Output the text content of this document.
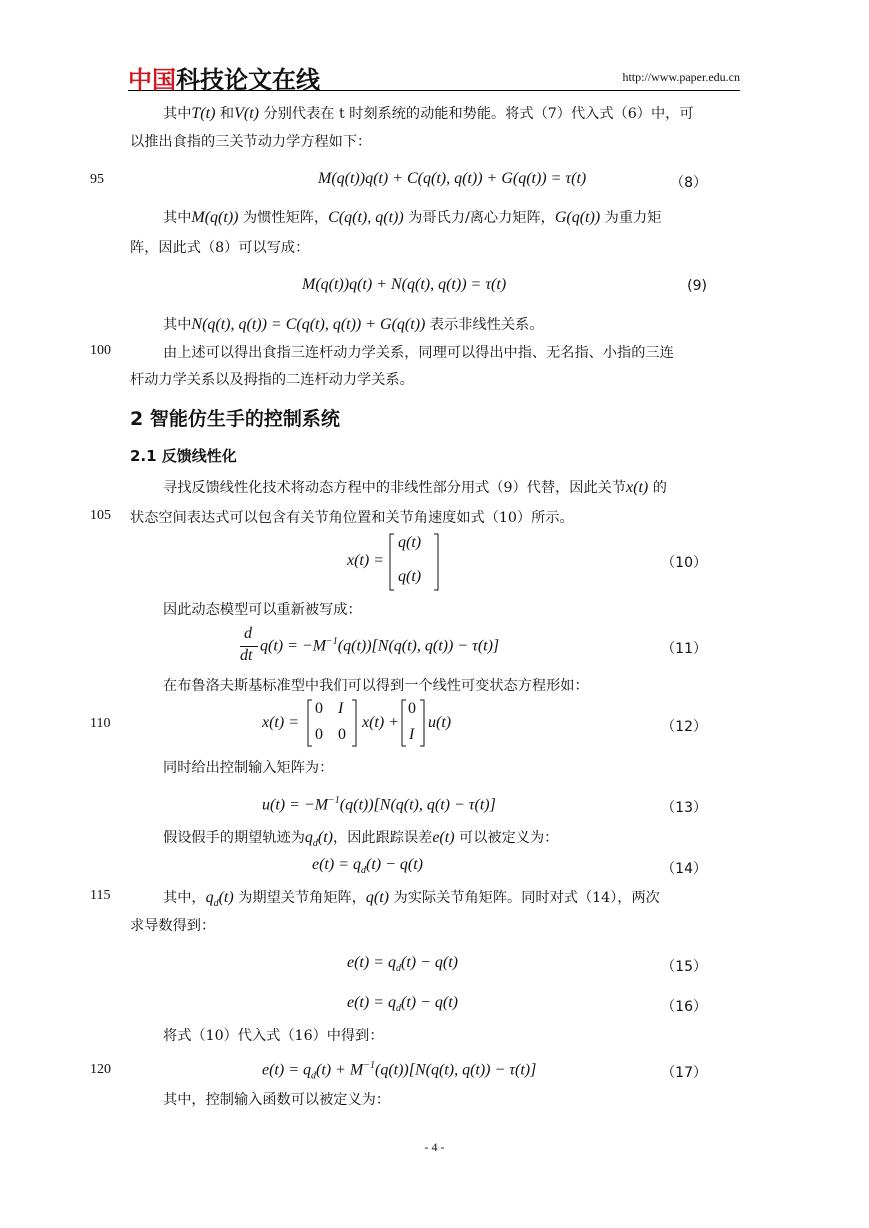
中国科技论文在线	http://www.paper.edu.cn
其中T(t) 和V(t) 分别代表在 t 时刻系统的动能和势能。将式（7）代入式（6）中，可
以推出食指的三关节动力学方程如下：
95	M(q(t))q(t) + C(q(t), q(t)) + G(q(t)) = τ(t)	（8）
其中M(q(t)) 为惯性矩阵，C(q(t), q(t)) 为哥氏力/离心力矩阵，G(q(t)) 为重力矩
阵，因此式（8）可以写成：
M(q(t))q(t) + N(q(t), q(t)) = τ(t)	(9)
其中N(q(t), q(t)) = C(q(t), q(t)) + G(q(t)) 表示非线性关系。
100	由上述可以得出食指三连杆动力学关系，同理可以得出中指、无名指、小指的三连
杆动力学关系以及拇指的二连杆动力学关系。
2 智能仿生手的控制系统
2.1 反馈线性化
寻找反馈线性化技术将动态方程中的非线性部分用式（9）代替，因此关节x(t) 的
105 状态空间表达式可以包含有关节角位置和关节角速度如式（10）所示。
x(t) =
q(t)
q(t)
（10）
因此动态模型可以重新被写成：
d
dt
$q(t) = -M^{-1}(q(t))[N(q(t)$, q(t)) − τ(t)]	（11）
在布鲁洛夫斯基标准型中我们可以得到一个线性可变状态方程形如：
110	x(t) =
0 I
0 0
x(t) +
0
I
u(t)	（12）
同时给出控制输入矩阵为：
$u(t) = -M^{-1}(q(t))[N(q(t)$, q(t) − τ(t)]	（13）
假设假手的期望轨迹为$q_d(t)$，因此跟踪误差e(t) 可以被定义为：
$e(t) = q_d(t) - q(t)$	（14）
115	其中，$q_d(t)$ 为期望关节角矩阵，q(t) 为实际关节角矩阵。同时对式（14），两次
求导数得到：
$e(t) = q_d(t) - q(t)$	（15）
$e(t) = q_d(t) - q(t)$	（16）
将式（10）代入式（16）中得到：
120	$e(t) = q_d(t) + M^{-1}(q(t))[N(q(t)$, q(t)) − τ(t)]	（17）
其中，控制输入函数可以被定义为：
- 4 -
